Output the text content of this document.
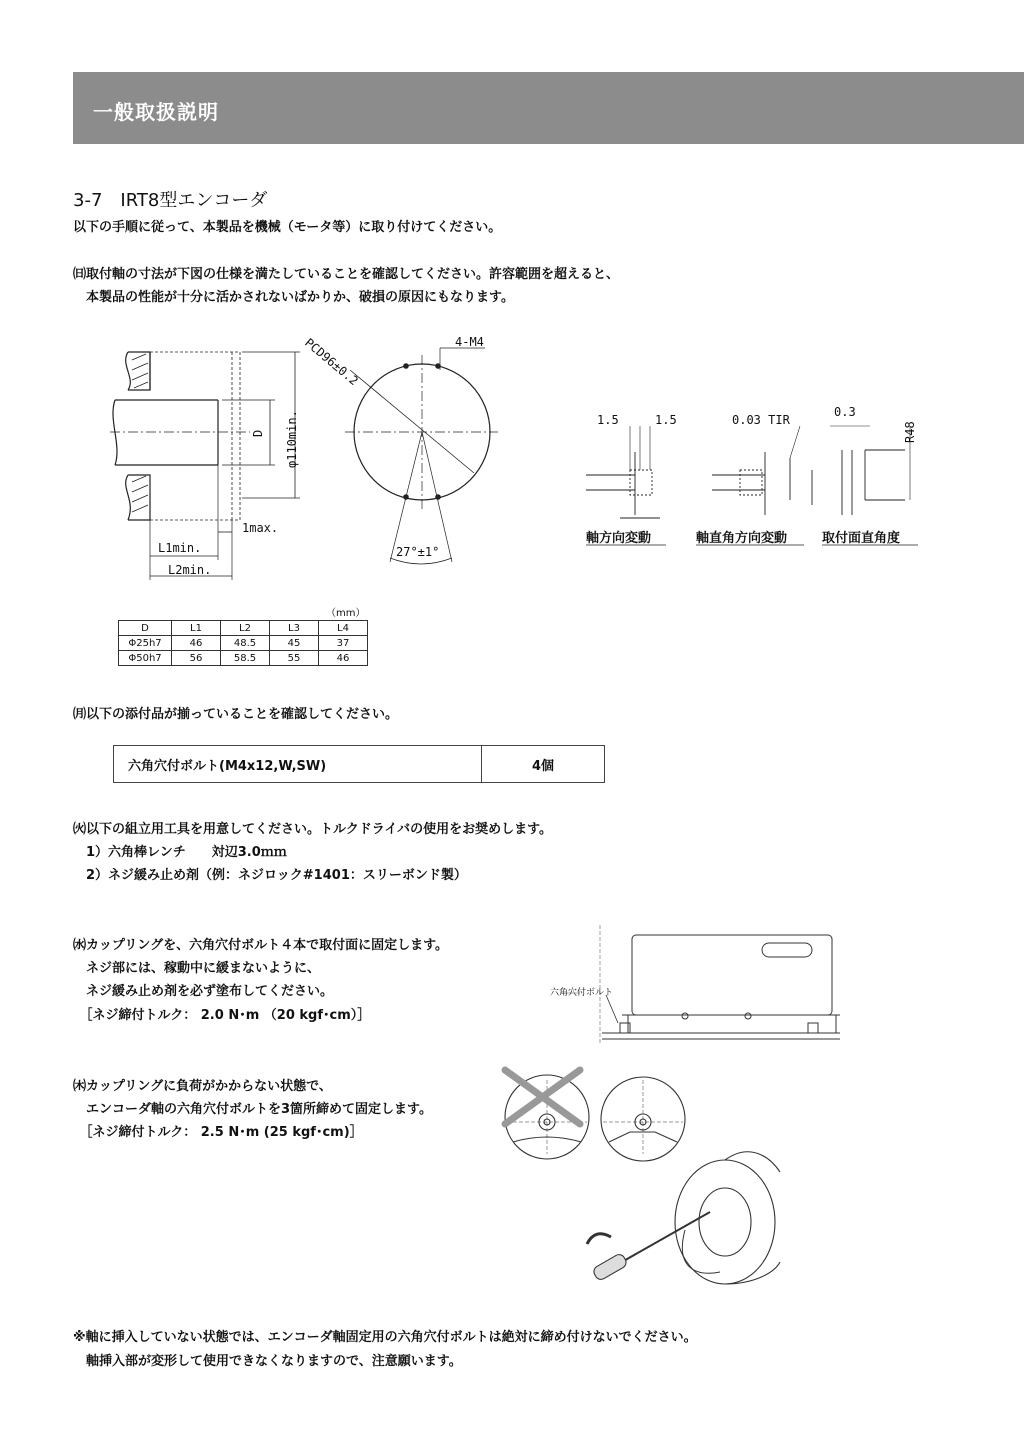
一般取扱説明
3-7　IRT8型エンコーダ
以下の手順に従って、本製品を機械（モータ等）に取り付けてください。
㈰取付軸の寸法が下図の仕様を満たしていることを確認してください。許容範囲を超えると、
　本製品の性能が十分に活かされないばかりか、破損の原因にもなります。
D φ110min.
1max.
L1min.
L2min.
PCD96±0.2	4-M4
27°±1°
1.5	1.5	0.03 TIR
0.3
R48
軸方向変動	軸直角方向変動	取付面直角度
（mm）
D	L1	L2	L3	L4
Φ25h7	46	48.5	45	37
Φ50h7	56	58.5	55	46
㈪以下の添付品が揃っていることを確認してください。
六角穴付ボルト(M4x12,W,SW)	4個
㈫以下の組立用工具を用意してください。トルクドライバの使用をお奨めします。
　1）六角棒レンチ　　対辺3.0ｍｍ
　2）ネジ緩み止め剤（例：ネジロック#1401：スリーボンド製）
㈬カップリングを、六角穴付ボルト４本で取付面に固定します。
　ネジ部には、稼動中に緩まないように、
　ネジ緩み止め剤を必ず塗布してください。
　［ネジ締付トルク： 2.0 N･m （20 kgf･cm）］
六角穴付ボルト
㈭カップリングに負荷がかからない状態で、
　エンコーダ軸の六角穴付ボルトを3箇所締めて固定します。
　［ネジ締付トルク： 2.5 N･m (25 kgf･cm)］
※軸に挿入していない状態では、エンコーダ軸固定用の六角穴付ボルトは絶対に締め付けないでください。
　軸挿入部が変形して使用できなくなりますので、注意願います。
